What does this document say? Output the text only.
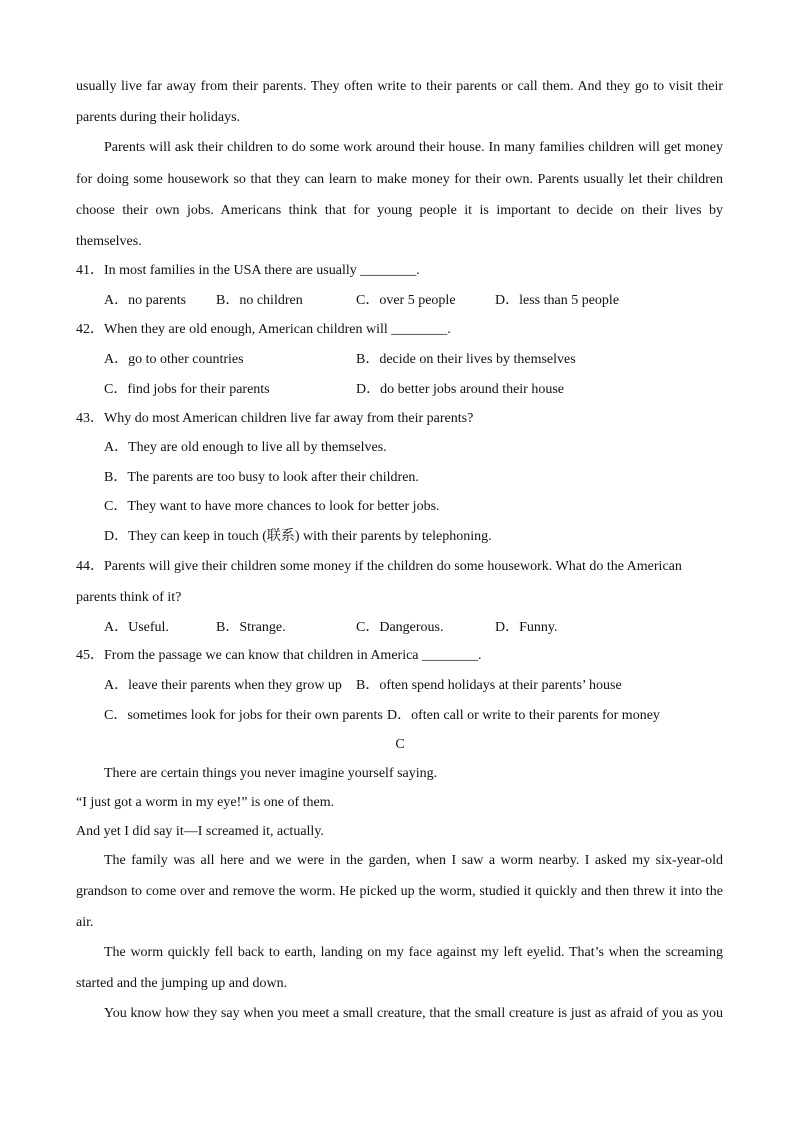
usually live far away from their parents. They often write to their parents or call them. And they go to visit their
parents during their holidays.
Parents will ask their children to do some work around their house. In many families children will get money
for doing some housework so that they can learn to make money for their own. Parents usually let their children
choose their own jobs. Americans think that for young people it is important to decide on their lives by
themselves.
41．In most families in the USA there are usually ________.
A．no parents B．no children	C．over 5 people	D．less than 5 people
42．When they are old enough, American children will ________.
A．go to other countries	B．decide on their lives by themselves
C．find jobs for their parents	D．do better jobs around their house
43．Why do most American children live far away from their parents?
A．They are old enough to live all by themselves.
B．The parents are too busy to look after their children.
C．They want to have more chances to look for better jobs.
D．They can keep in touch (联系) with their parents by telephoning.
44．Parents will give their children some money if the children do some housework. What do the American
parents think of it?
A．Useful.	B．Strange.	C．Dangerous.	D．Funny.
45．From the passage we can know that children in America ________.
A．leave their parents when they grow up B．often spend holidays at their parents’ house
C．sometimes look for jobs for their own parents D．often call or write to their parents for money
C
There are certain things you never imagine yourself saying.
“I just got a worm in my eye!” is one of them.
And yet I did say it—I screamed it, actually.
The family was all here and we were in the garden, when I saw a worm nearby. I asked my six-year-old
grandson to come over and remove the worm. He picked up the worm, studied it quickly and then threw it into the
air.
The worm quickly fell back to earth, landing on my face against my left eyelid. That’s when the screaming
started and the jumping up and down.
You know how they say when you meet a small creature, that the small creature is just as afraid of you as you
